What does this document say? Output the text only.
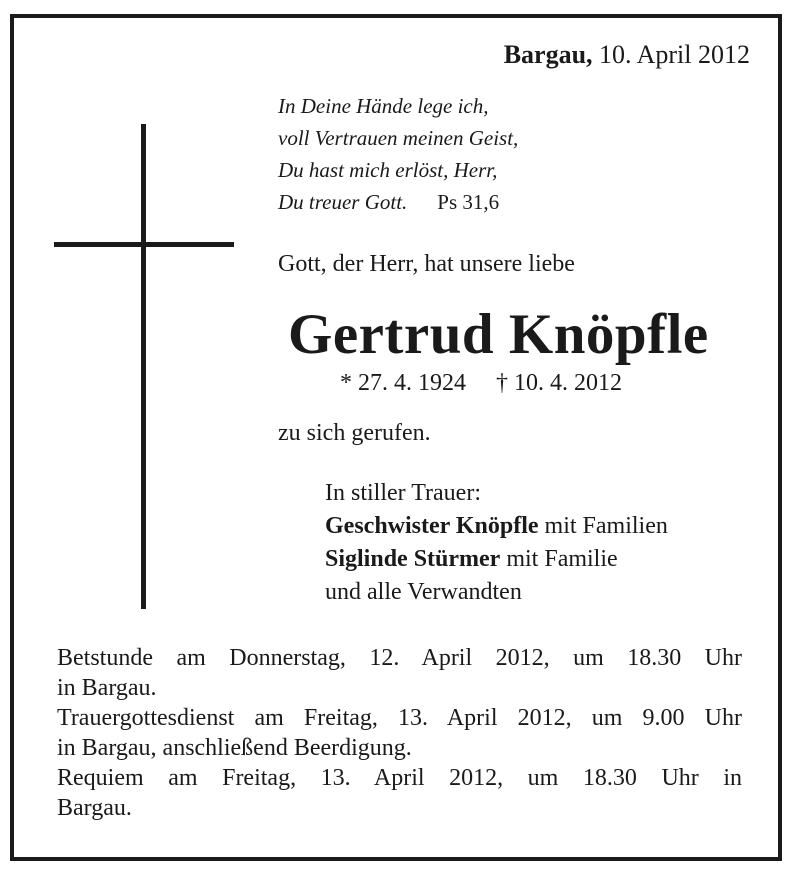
Bargau, 10. April 2012
In Deine Hände lege ich,
voll Vertrauen meinen Geist,
Du hast mich erlöst, Herr,
Du treuer Gott. Ps 31,6
Gott, der Herr, hat unsere liebe
Gertrud Knöpfle
* 27. 4. 1924 † 10. 4. 2012
zu sich gerufen.
In stiller Trauer:
Geschwister Knöpfle mit Familien
Siglinde Stürmer mit Familie
und alle Verwandten

Betstunde am Donnerstag, 12. April 2012, um 18.30 Uhr

in Bargau.

Trauergottesdienst am Freitag, 13. April 2012, um 9.00 Uhr

in Bargau, anschließend Beerdigung.

Requiem am Freitag, 13. April 2012, um 18.30 Uhr in

Bargau.
